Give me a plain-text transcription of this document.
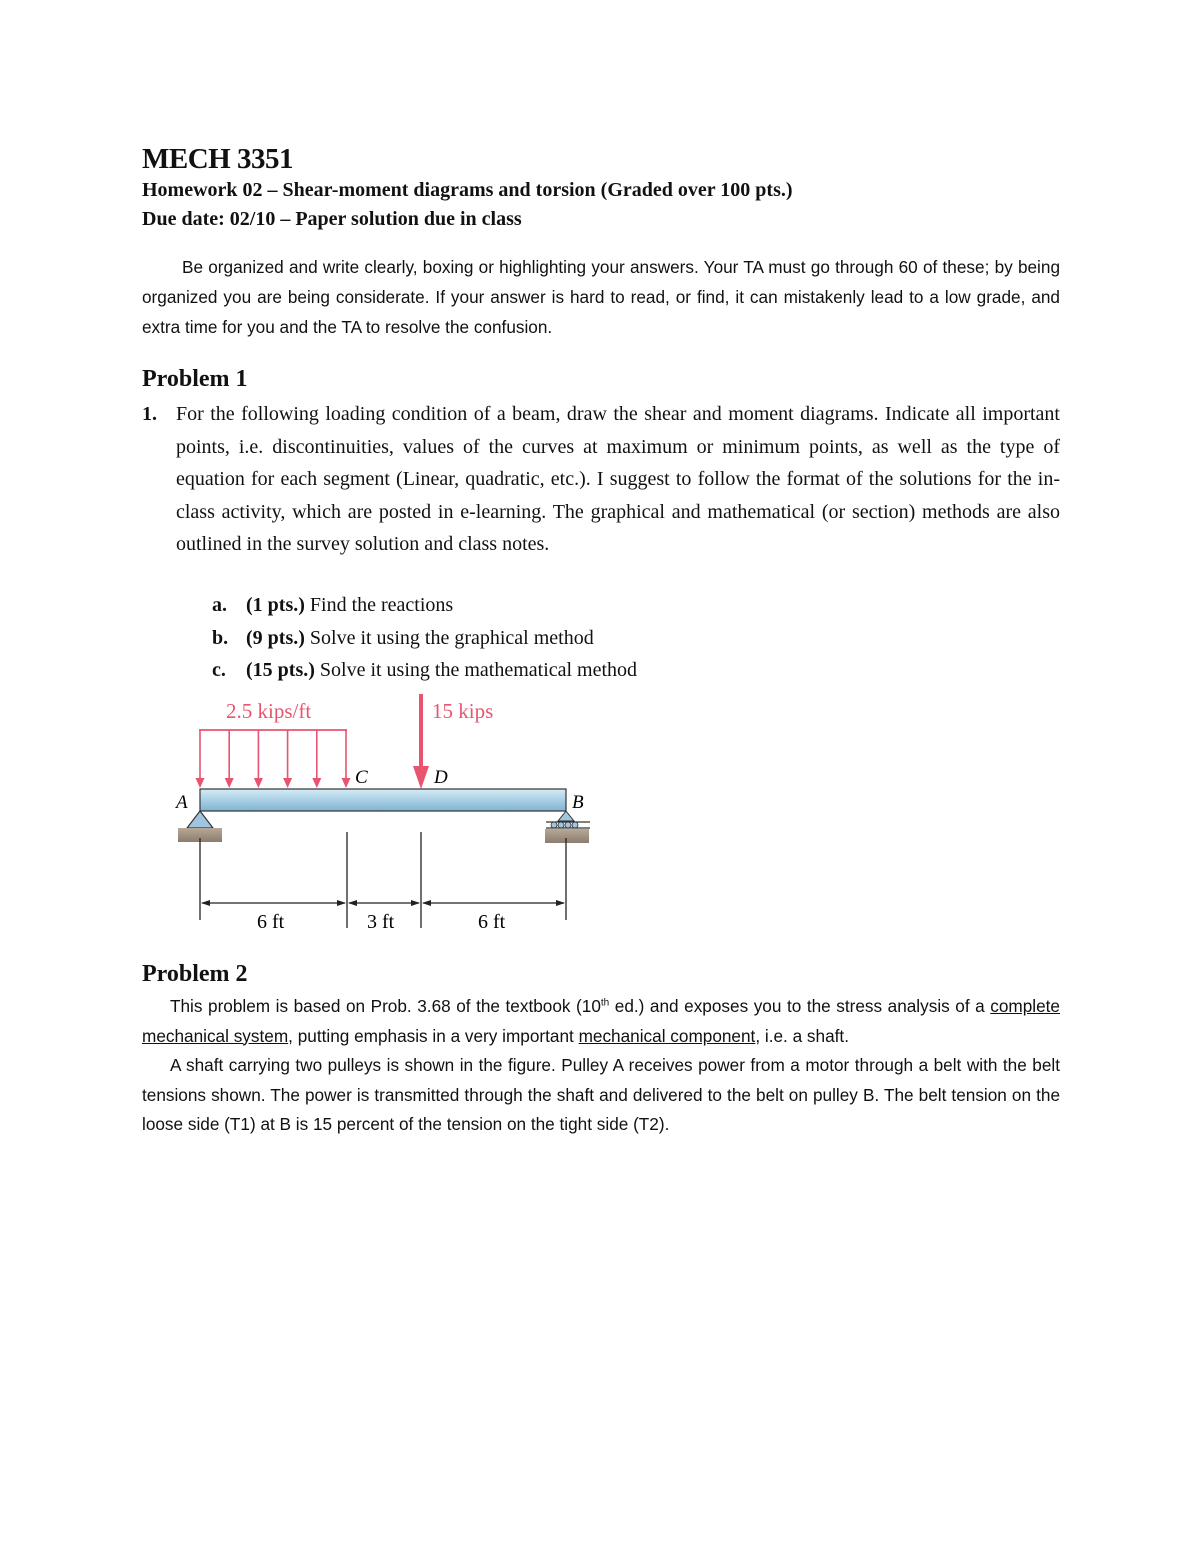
MECH 3351
Homework 02 – Shear-moment diagrams and torsion (Graded over 100 pts.)
Due date: 02/10 – Paper solution due in class
Be organized and write clearly, boxing or highlighting your answers. Your TA must go through 60 of these; by being organized you are being considerate. If your answer is hard to read, or find, it can mistakenly lead to a low grade, and extra time for you and the TA to resolve the confusion.
Problem 1
1. For the following loading condition of a beam, draw the shear and moment diagrams. Indicate all important points, i.e. discontinuities, values of the curves at maximum or minimum points, as well as the type of equation for each segment (Linear, quadratic, etc.). I suggest to follow the format of the solutions for the in-class activity, which are posted in e-learning. The graphical and mathematical (or section) methods are also outlined in the survey solution and class notes.
a. (1 pts.) Find the reactions
b. (9 pts.) Solve it using the graphical method
c. (15 pts.) Solve it using the mathematical method
2.5 kips/ft	15 kips
C	D
A	B
6 ft	3 ft	6 ft
Problem 2

This problem is based on Prob. 3.68 of the textbook (10th ed.) and exposes you to the stress analysis of a complete mechanical system, putting emphasis in a very important mechanical component, i.e. a shaft.

A shaft carrying two pulleys is shown in the figure. Pulley A receives power from a motor through a belt with the belt tensions shown. The power is transmitted through the shaft and delivered to the belt on pulley B. The belt tension on the loose side (T1) at B is 15 percent of the tension on the tight side (T2).
